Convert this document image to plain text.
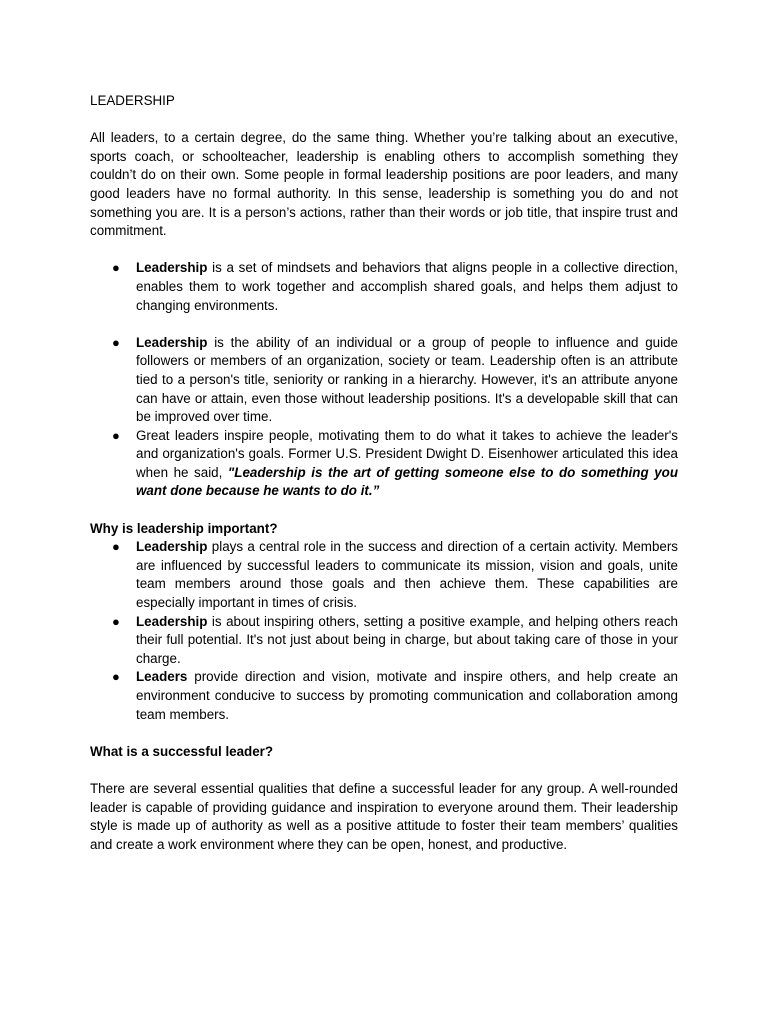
LEADERSHIP

All leaders, to a certain degree, do the same thing. Whether you’re talking about an executive, sports coach, or schoolteacher, leadership is enabling others to accomplish something they couldn’t do on their own. Some people in formal leadership positions are poor leaders, and many good leaders have no formal authority. In this sense, leadership is something you do and not something you are. It is a person’s actions, rather than their words or job title, that inspire trust and commitment.

● Leadership is a set of mindsets and behaviors that aligns people in a collective direction, enables them to work together and accomplish shared goals, and helps them adjust to changing environments.
● Leadership is the ability of an individual or a group of people to influence and guide followers or members of an organization, society or team. Leadership often is an attribute tied to a person's title, seniority or ranking in a hierarchy. However, it's an attribute anyone can have or attain, even those without leadership positions. It's a developable skill that can be improved over time.
● Great leaders inspire people, motivating them to do what it takes to achieve the leader's and organization's goals. Former U.S. President Dwight D. Eisenhower articulated this idea when he said, "Leadership is the art of getting someone else to do something you want done because he wants to do it.”

Why is leadership important?

● Leadership plays a central role in the success and direction of a certain activity. Members are influenced by successful leaders to communicate its mission, vision and goals, unite team members around those goals and then achieve them. These capabilities are especially important in times of crisis.
● Leadership is about inspiring others, setting a positive example, and helping others reach their full potential. It's not just about being in charge, but about taking care of those in your charge.
● Leaders provide direction and vision, motivate and inspire others, and help create an environment conducive to success by promoting communication and collaboration among team members.

What is a successful leader?

There are several essential qualities that define a successful leader for any group. A well-rounded leader is capable of providing guidance and inspiration to everyone around them. Their leadership style is made up of authority as well as a positive attitude to foster their team members’ qualities and create a work environment where they can be open, honest, and productive.
